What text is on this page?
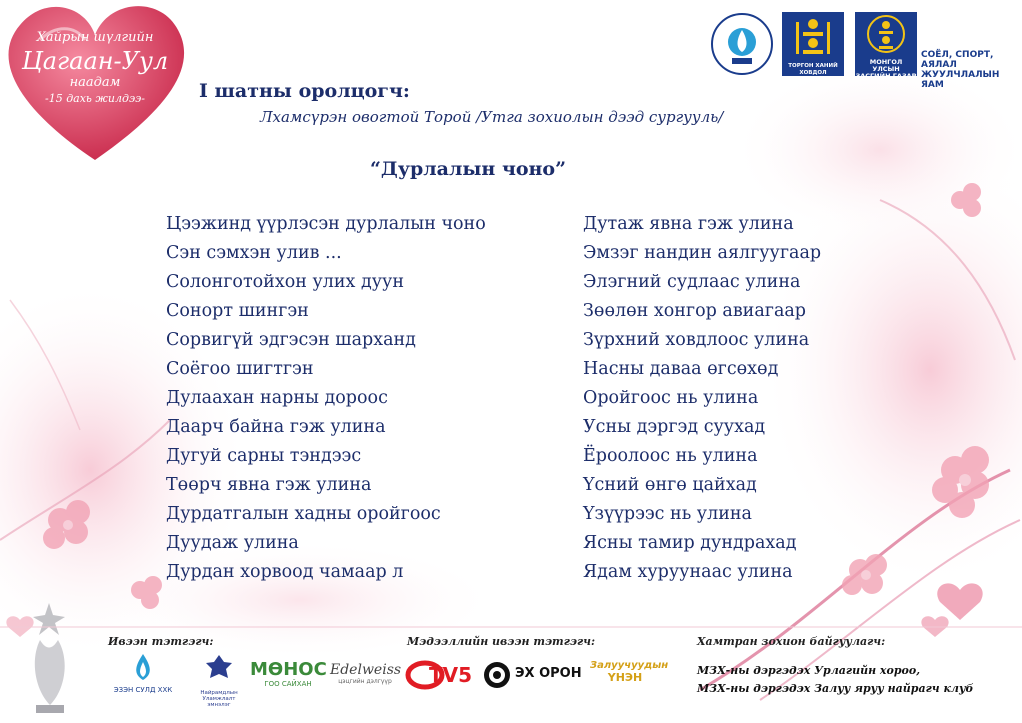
Хайрын шүлгийн
Цагаан-Уул
наадам
-15 дахь жилдээ-
ТОРГОН ХАНИЙ ХОВДОЛ
МОНГОЛ УЛСЫН
ЗАСГИЙН ГАЗАР
СОЁЛ, СПОРТ, АЯЛАЛ
ЖУУЛЧЛАЛЫН ЯАМ
I шатны оролцогч:
Лхамсүрэн овогтой Торой /Утга зохиолын дээд сургууль/
“Дурлалын чоно”
Цээжинд үүрлэсэн дурлалын чоно
Сэн сэмхэн улив ...
Солонготойхон улих дуун
Сонорт шингэн
Сорвигүй эдгэсэн шарханд
Соёгоо шигтгэн
Дулаахан нарны дороос
Даарч байна гэж улина
Дугуй сарны тэндээс
Төөрч явна гэж улина
Дурдатгалын хадны оройгоос
Дуудаж улина
Дурдан хорвоод чамаар л
Дутаж явна гэж улина
Эмзэг нандин аялгуугаар
Элэгний судлаас улина
Зөөлөн хонгор авиагаар
Зүрхний ховдлоос улина
Насны даваа өгсөхөд
Оройгоос нь улина
Усны дэргэд суухад
Ёроолоос нь улина
Үсний өнгө цайхад
Үзүүрээс нь улина
Ясны тамир дундрахад
Ядам хуруунаас улина
Ивээн тэтгэгч:	Мэдээллийн ивээн тэтгэгч:	Хамтран зохион байгуулагч:
ЭЗЭН СУЛД ХХК	Найрамдлын Уламжлалт
эмнэлэг
МӨНОС
ГОО САЙХАН
Edelweiss
цэцгийн дэлгүүр	TV5	ЭХ ОРОН
Залуучуудын
ҮНЭН
МЗХ-ны дэргэдэх Урлагийн хороо,
МЗХ-ны дэргэдэх Залуу яруу найрагч клуб
